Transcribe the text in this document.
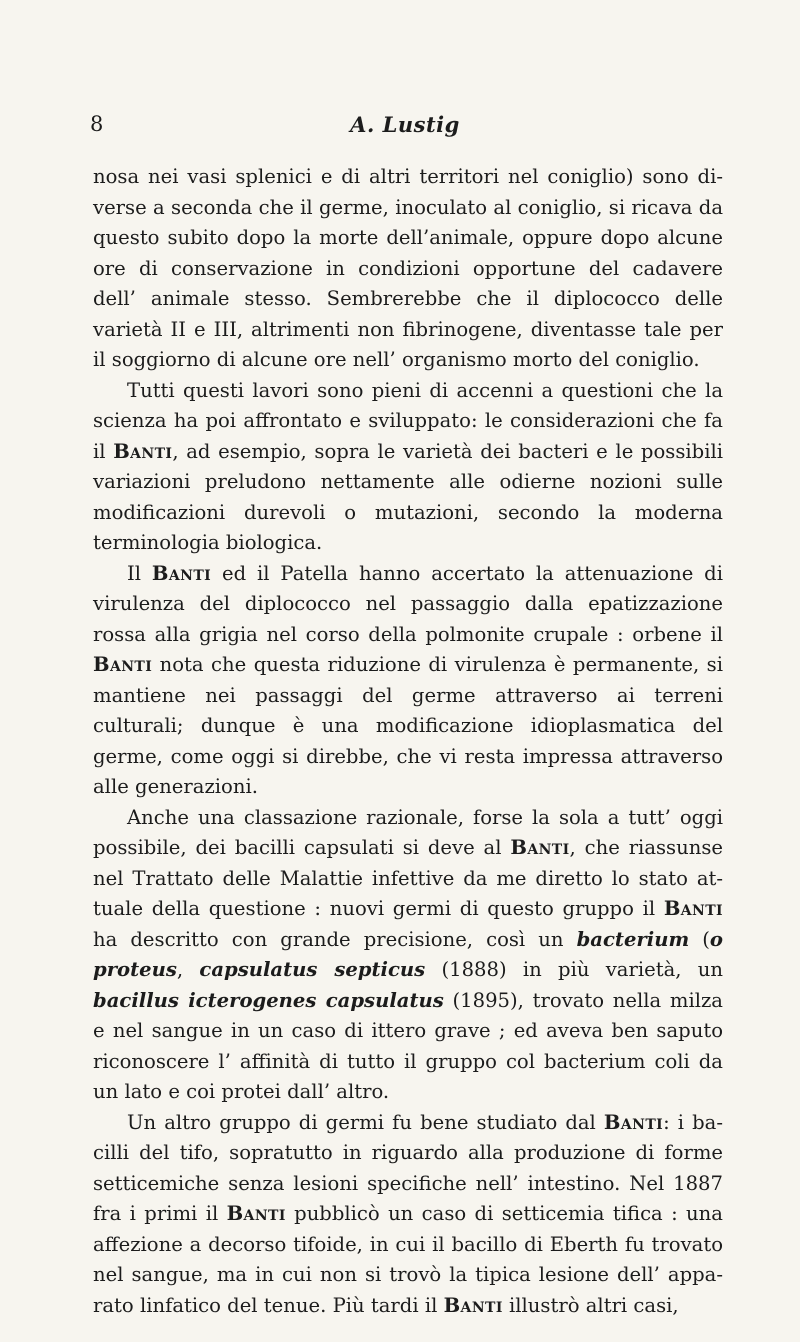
8	A. Lustig

nosa nei vasi splenici e di altri territori nel coniglio) sono diverse a seconda che il germe, inoculato al coniglio, si ricava da questo subito dopo la morte dell’animale, oppure dopo alcune ore di conservazione in condizioni opportune del cadavere dell’ animale stesso. Sembrerebbe che il diplococco delle varietà II e III, altrimenti non fibrinogene, diventasse tale per il soggiorno di alcune ore nell’ organismo morto del coniglio.

Tutti questi lavori sono pieni di accenni a questioni che la scienza ha poi affrontato e sviluppato: le considerazioni che fa il Banti, ad esempio, sopra le varietà dei bacteri e le possibili variazioni preludono nettamente alle odierne nozioni sulle modificazioni durevoli o mutazioni, secondo la moderna terminologia biologica.

Il Banti ed il Patella hanno accertato la attenuazione di virulenza del diplococco nel passaggio dalla epatizzazione rossa alla grigia nel corso della polmonite crupale : orbene il Banti nota che questa riduzione di virulenza è permanente, si mantiene nei passaggi del germe attraverso ai terreni culturali; dunque è una modificazione idioplasmatica del germe, come oggi si direbbe, che vi resta impressa attraverso alle generazioni.

Anche una classazione razionale, forse la sola a tutt’ oggi possibile, dei bacilli capsulati si deve al Banti, che riassunse nel Trattato delle Malattie infettive da me diretto lo stato attuale della questione : nuovi germi di questo gruppo il Banti ha descritto con grande precisione, così un bacterium (o proteus, capsulatus septicus (1888) in più varietà, un bacillus icterogenes capsulatus (1895), trovato nella milza e nel sangue in un caso di ittero grave ; ed aveva ben saputo riconoscere l’ affinità di tutto il gruppo col bacterium coli da un lato e coi protei dall’ altro.

Un altro gruppo di germi fu bene studiato dal Banti: i bacilli del tifo, sopratutto in riguardo alla produzione di forme setticemiche senza lesioni specifiche nell’ intestino. Nel 1887 fra i primi il Banti pubblicò un caso di setticemia tifica : una affezione a decorso tifoide, in cui il bacillo di Eberth fu trovato nel sangue, ma in cui non si trovò la tipica lesione dell’ apparato linfatico del tenue. Più tardi il Banti illustrò altri casi,
